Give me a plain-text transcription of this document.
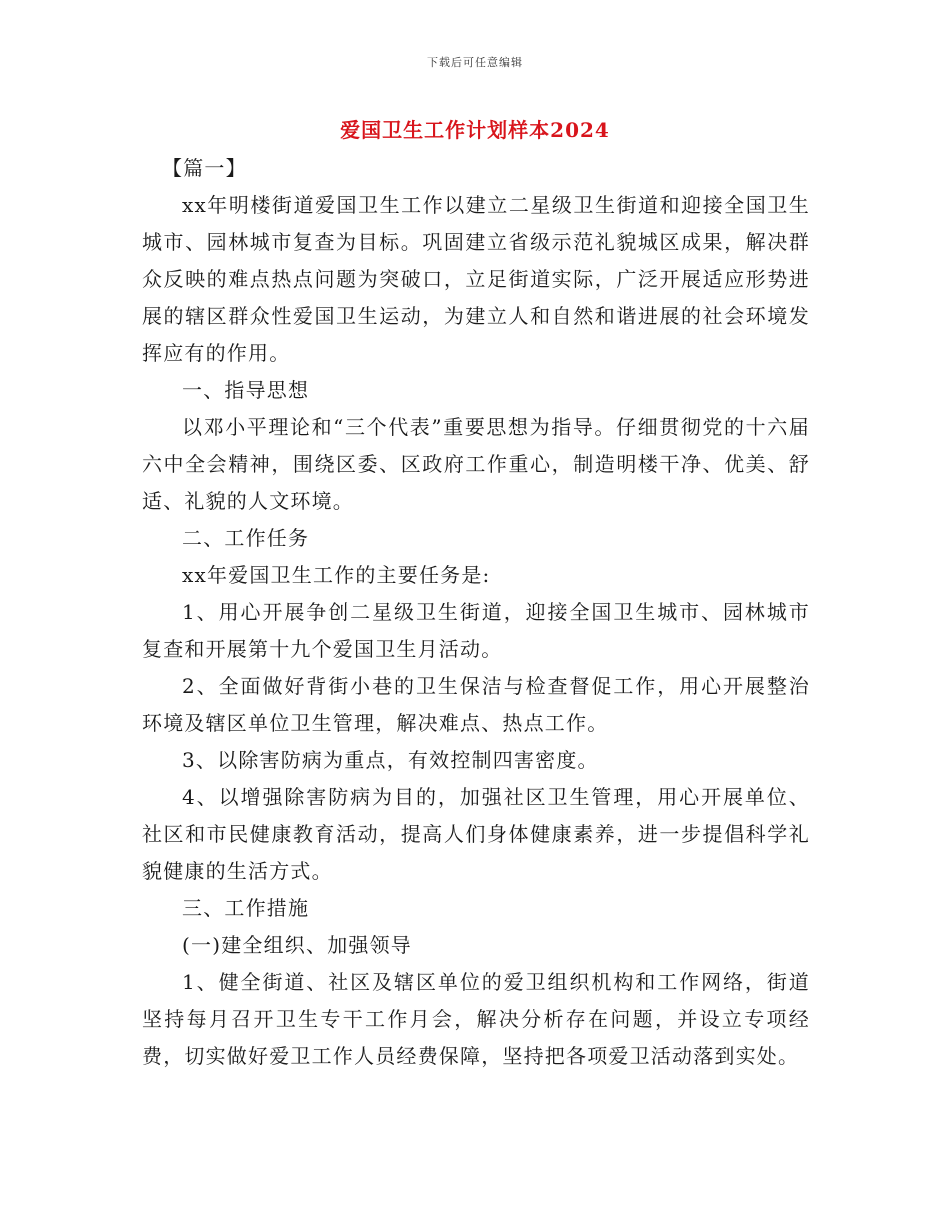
下载后可任意编辑
爱国卫生工作计划样本2024

【篇一】

xx年明楼街道爱国卫生工作以建立二星级卫生街道和迎接全国卫生城市、园林城市复查为目标。巩固建立省级示范礼貌城区成果，解决群众反映的难点热点问题为突破口，立足街道实际，广泛开展适应形势进展的辖区群众性爱国卫生运动，为建立人和自然和谐进展的社会环境发挥应有的作用。

一、指导思想

以邓小平理论和“三个代表”重要思想为指导。仔细贯彻党的十六届六中全会精神，围绕区委、区政府工作重心，制造明楼干净、优美、舒适、礼貌的人文环境。

二、工作任务

xx年爱国卫生工作的主要任务是:

1、用心开展争创二星级卫生街道，迎接全国卫生城市、园林城市复查和开展第十九个爱国卫生月活动。

2、全面做好背街小巷的卫生保洁与检查督促工作，用心开展整治环境及辖区单位卫生管理，解决难点、热点工作。

3、以除害防病为重点，有效控制四害密度。

4、以增强除害防病为目的，加强社区卫生管理，用心开展单位、社区和市民健康教育活动，提高人们身体健康素养，进一步提倡科学礼貌健康的生活方式。

三、工作措施

(一)建全组织、加强领导

1、健全街道、社区及辖区单位的爱卫组织机构和工作网络，街道坚持每月召开卫生专干工作月会，解决分析存在问题，并设立专项经费，切实做好爱卫工作人员经费保障，坚持把各项爱卫活动落到实处。
